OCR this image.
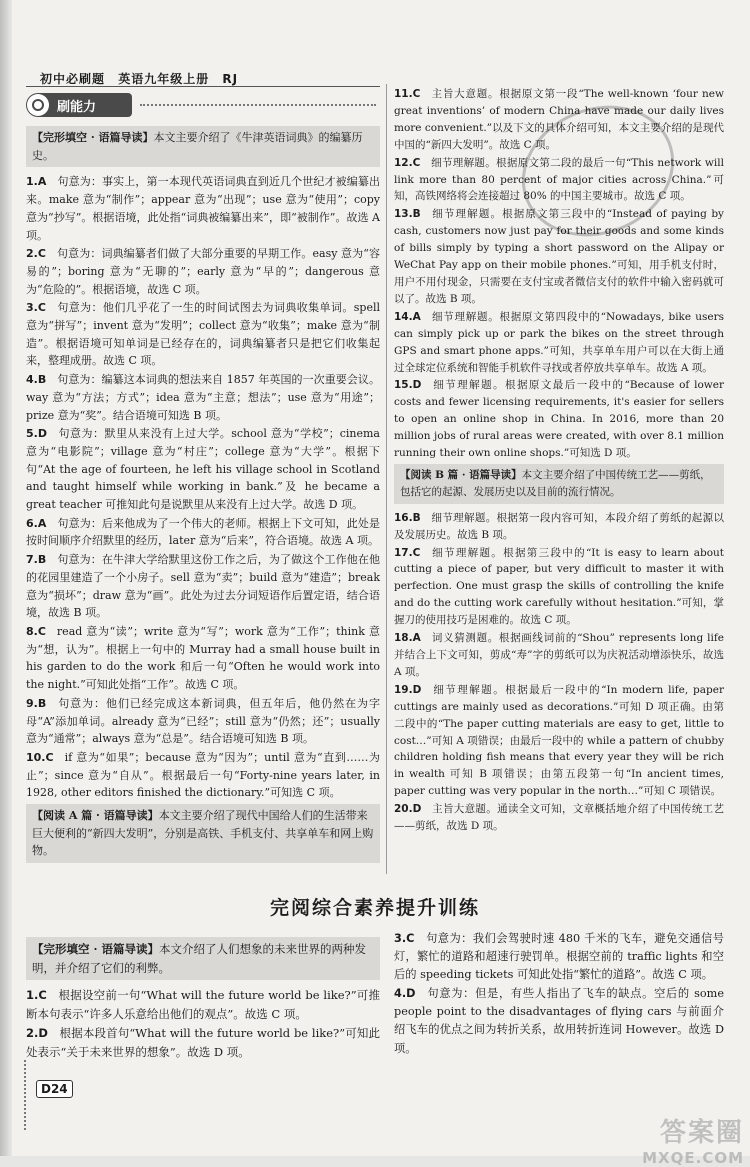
初中必刷题 英语九年级上册 RJ
刷能力
【完形填空 · 语篇导读】本文主要介绍了《牛津英语词典》的编纂历史。
1.A  句意为：事实上，第一本现代英语词典直到近几个世纪才被编纂出来。make 意为“制作”；appear 意为“出现”；use 意为“使用”；copy 意为“抄写”。根据语境，此处指“词典被编纂出来”，即“被制作”。故选 A 项。
2.C  句意为：词典编纂者们做了大部分重要的早期工作。easy 意为“容易的”；boring 意为“无聊的”；early 意为“早的”；dangerous 意为“危险的”。根据语境，故选 C 项。
3.C  句意为：他们几乎花了一生的时间试图去为词典收集单词。spell 意为“拼写”；invent 意为“发明”；collect 意为“收集”；make 意为“制造”。根据语境可知单词是已经存在的，词典编纂者只是把它们收集起来，整理成册。故选 C 项。
4.B  句意为：编纂这本词典的想法来自 1857 年英国的一次重要会议。way 意为“方法；方式”；idea 意为“主意；想法”；use 意为“用途”；prize 意为“奖”。结合语境可知选 B 项。
5.D  句意为：默里从来没有上过大学。school 意为“学校”；cinema 意为“电影院”；village 意为“村庄”；college 意为“大学”。根据下句“At the age of fourteen, he left his village school in Scotland and taught himself while working in bank.”及 he became a great teacher 可推知此句是说默里从来没有上过大学。故选 D 项。
6.A  句意为：后来他成为了一个伟大的老师。根据上下文可知，此处是按时间顺序介绍默里的经历，later 意为“后来”，符合语境。故选 A 项。
7.B  句意为：在牛津大学给默里这份工作之后，为了做这个工作他在他的花园里建造了一个小房子。sell 意为“卖”；build 意为“建造”；break 意为“损坏”；draw 意为“画”。此处为过去分词短语作后置定语，结合语境，故选 B 项。
8.C  read 意为“读”；write 意为“写”；work 意为“工作”；think 意为“想，认为”。根据上一句中的 Murray had a small house built in his garden to do the work 和后一句“Often he would work into the night.”可知此处指“工作”。故选 C 项。
9.B  句意为：他们已经完成这本新词典，但五年后，他仍然在为字母“A”添加单词。already 意为“已经”；still 意为“仍然；还”；usually 意为“通常”；always 意为“总是”。结合语境可知选 B 项。
10.C  if 意为“如果”；because 意为“因为”；until 意为“直到……为止”；since 意为“自从”。根据最后一句“Forty-nine years later, in 1928, other editors finished the dictionary.”可知选 C 项。
【阅读 A 篇 · 语篇导读】本文主要介绍了现代中国给人们的生活带来巨大便利的“新四大发明”，分别是高铁、手机支付、共享单车和网上购物。
11.C  主旨大意题。根据原文第一段“The well-known ‘four new great inventions’ of modern China have made our daily lives more convenient.”以及下文的具体介绍可知，本文主要介绍的是现代中国的“新四大发明”。故选 C 项。
12.C  细节理解题。根据原文第二段的最后一句“This network will link more than 80 percent of major cities across China.”可知，高铁网络将会连接超过 80% 的中国主要城市。故选 C 项。
13.B  细节理解题。根据原文第三段中的“Instead of paying by cash, customers now just pay for their goods and some kinds of bills simply by typing a short password on the Alipay or WeChat Pay app on their mobile phones.”可知，用手机支付时，用户不用付现金，只需要在支付宝或者微信支付的软件中输入密码就可以了。故选 B 项。
14.A  细节理解题。根据原文第四段中的“Nowadays, bike users can simply pick up or park the bikes on the street through GPS and smart phone apps.”可知，共享单车用户可以在大街上通过全球定位系统和智能手机软件寻找或者停放共享单车。故选 A 项。
15.D  细节理解题。根据原文最后一段中的“Because of lower costs and fewer licensing requirements, it's easier for sellers to open an online shop in China. In 2016, more than 20 million jobs of rural areas were created, with over 8.1 million running their own online shops.”可知选 D 项。
【阅读 B 篇 · 语篇导读】本文主要介绍了中国传统工艺——剪纸，包括它的起源、发展历史以及目前的流行情况。
16.B  细节理解题。根据第一段内容可知，本段介绍了剪纸的起源以及发展历史。故选 B 项。
17.C  细节理解题。根据第三段中的“It is easy to learn about cutting a piece of paper, but very difficult to master it with perfection. One must grasp the skills of controlling the knife and do the cutting work carefully without hesitation.”可知，掌握刀的使用技巧是困难的。故选 C 项。
18.A  词义猜测题。根据画线词前的“Shou” represents long life 并结合上下文可知，剪成“寿”字的剪纸可以为庆祝活动增添快乐，故选 A 项。
19.D  细节理解题。根据最后一段中的“In modern life, paper cuttings are mainly used as decorations.”可知 D 项正确。由第二段中的“The paper cutting materials are easy to get, little to cost…”可知 A 项错误；由最后一段中的 while a pattern of chubby children holding fish means that every year they will be rich in wealth 可知 B 项错误；由第五段第一句“In ancient times, paper cutting was very popular in the north…”可知 C 项错误。
20.D  主旨大意题。通读全文可知，文章概括地介绍了中国传统工艺——剪纸，故选 D 项。
完阅综合素养提升训练
【完形填空 · 语篇导读】本文介绍了人们想象的未来世界的两种发明，并介绍了它们的利弊。
1.C  根据设空前一句“What will the future world be like?”可推断本句表示“许多人乐意给出他们的观点”。故选 C 项。
2.D  根据本段首句“What will the future world be like?”可知此处表示“关于未来世界的想象”。故选 D 项。
3.C  句意为：我们会驾驶时速 480 千米的飞车，避免交通信号灯，繁忙的道路和超速行驶罚单。根据空前的 traffic lights 和空后的 speeding tickets 可知此处指“繁忙的道路”。故选 C 项。
4.D  句意为：但是，有些人指出了飞车的缺点。空后的 some people point to the disadvantages of flying cars 与前面介绍飞车的优点之间为转折关系，故用转折连词 However。故选 D 项。
D24
答案圈
MXQE.COM
